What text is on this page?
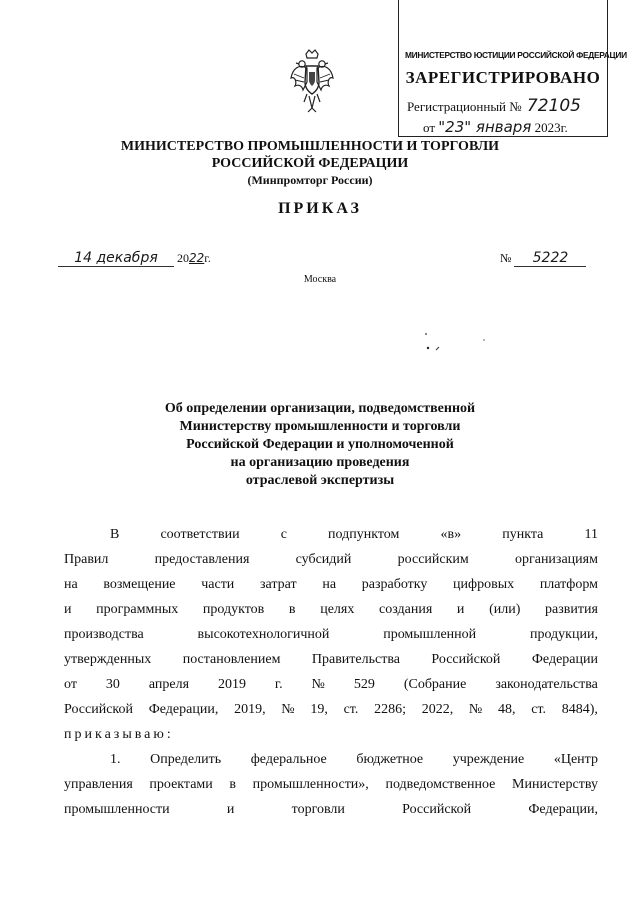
МИНИСТЕРСТВО ЮСТИЦИИ РОССИЙСКОЙ ФЕДЕРАЦИИ
ЗАРЕГИСТРИРОВАНО
Регистрационный № 72105
от "23" января 2023г.
МИНИСТЕРСТВО ПРОМЫШЛЕННОСТИ И ТОРГОВЛИ
РОССИЙСКОЙ ФЕДЕРАЦИИ
(Минпромторг России)
ПРИКАЗ
14 декабря 2022г.	№ 5222
Москва
Об определении организации, подведомственной
Министерству промышленности и торговли
Российской Федерации и уполномоченной
на организацию проведения
отраслевой экспертизы
В	соответствии	с	подпунктом	«в»	пункта	11
Правил	предоставления	субсидий	российским	организациям
на возмещение части затрат на разработку цифровых платформ
и программных продуктов в целях создания и (или) развития
производства	высокотехнологичной	промышленной	продукции,
утвержденных постановлением Правительства Российской Федерации
от 30 апреля 2019 г. № 529 (Собрание законодательства
Российской Федерации, 2019, № 19, ст. 2286; 2022, № 48, ст. 8484),
приказываю:
1. Определить федеральное бюджетное учреждение «Центр
управления проектами в промышленности», подведомственное Министерству
промышленности	и	торговли	Российской	Федерации,
